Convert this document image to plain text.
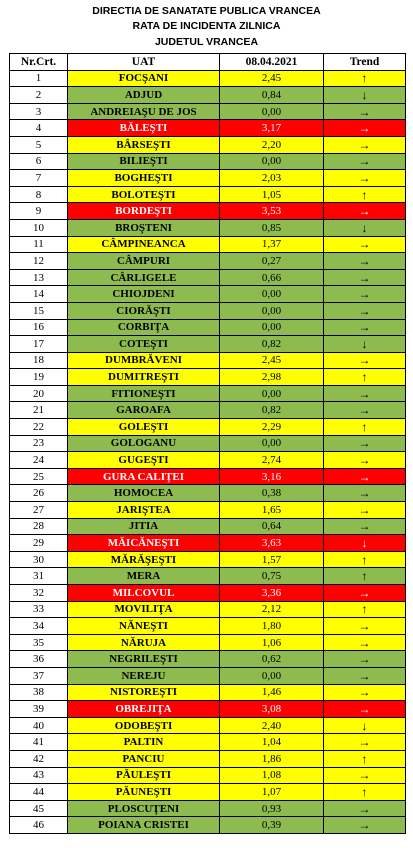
DIRECTIA DE SANATATE PUBLICA VRANCEA
RATA DE INCIDENTA ZILNICA
JUDETUL VRANCEA
Nr.Crt.	UAT	08.04.2021	Trend
1	FOCŞANI	2,45	↑
2	ADJUD	0,84	↓
3	ANDREIAŞU DE JOS	0,00	→
4	BĂLEŞTI	3,17	→
5	BÂRSEŞTI	2,20	→
6	BILIEŞTI	0,00	→
7	BOGHEŞTI	2,03	→
8	BOLOTEŞTI	1,05	↑
9	BORDEŞTI	3,53	→
10	BROŞTENI	0,85	↓
11	CÂMPINEANCA	1,37	→
12	CÂMPURI	0,27	→
13	CÂRLIGELE	0,66	→
14	CHIOJDENI	0,00	→
15	CIORĂŞTI	0,00	→
16	CORBIŢA	0,00	→
17	COTEŞTI	0,82	↓
18	DUMBRĂVENI	2,45	→
19	DUMITREŞTI	2,98	↑
20	FITIONEŞTI	0,00	→
21	GAROAFA	0,82	→
22	GOLEŞTI	2,29	↑
23	GOLOGANU	0,00	→
24	GUGEŞTI	2,74	→
25	GURA CALIŢEI	3,16	→
26	HOMOCEA	0,38	→
27	JARIŞTEA	1,65	→
28	JITIA	0,64	→
29	MĂICĂNEŞTI	3,63	↓
30	MĂRĂŞEŞTI	1,57	↑
31	MERA	0,75	↑
32	MILCOVUL	3,36	→
33	MOVILIŢA	2,12	↑
34	NĂNEŞTI	1,80	→
35	NĂRUJA	1,06	→
36	NEGRILEŞTI	0,62	→
37	NEREJU	0,00	→
38	NISTOREŞTI	1,46	→
39	OBREJIŢA	3,08	→
40	ODOBEŞTI	2,40	↓
41	PALTIN	1,04	→
42	PANCIU	1,86	↑
43	PĂULEŞTI	1,08	→
44	PĂUNEŞTI	1,07	↑
45	PLOSCUŢENI	0,93	→
46	POIANA CRISTEI	0,39	→
